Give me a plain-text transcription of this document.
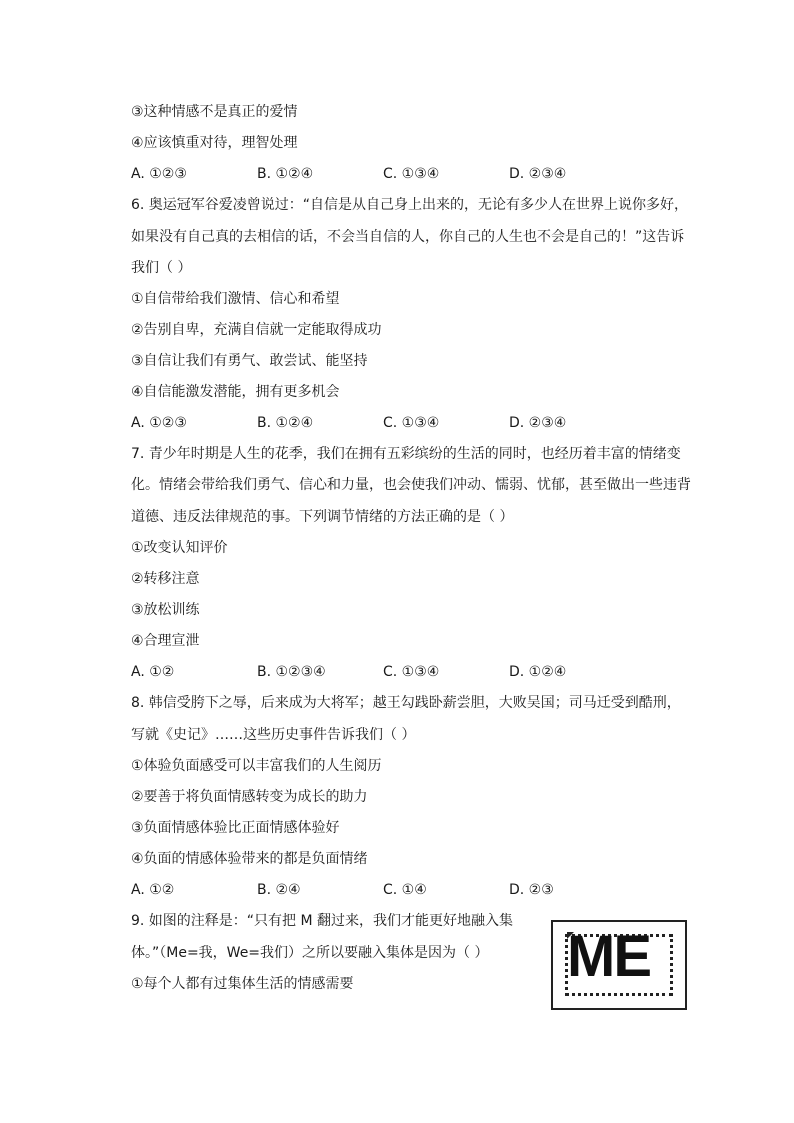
③这种情感不是真正的爱情
④应该慎重对待，理智处理
A. ①②③	B. ①②④	C. ①③④	D. ②③④
6. 奥运冠军谷爱凌曾说过：“自信是从自己身上出来的，无论有多少人在世界上说你多好，
如果没有自己真的去相信的话，不会当自信的人，你自己的人生也不会是自己的！”这告诉
我们（ ）
①自信带给我们激情、信心和希望
②告别自卑，充满自信就一定能取得成功
③自信让我们有勇气、敢尝试、能坚持
④自信能激发潜能，拥有更多机会
A. ①②③	B. ①②④	C. ①③④	D. ②③④
7. 青少年时期是人生的花季，我们在拥有五彩缤纷的生活的同时，也经历着丰富的情绪变
化。情绪会带给我们勇气、信心和力量，也会使我们冲动、懦弱、忧郁，甚至做出一些违背
道德、违反法律规范的事。下列调节情绪的方法正确的是（ ）
①改变认知评价
②转移注意
③放松训练
④合理宣泄
A. ①②	B. ①②③④	C. ①③④	D. ①②④
8. 韩信受胯下之辱，后来成为大将军；越王勾践卧薪尝胆，大败吴国；司马迁受到酷刑，
写就《史记》……这些历史事件告诉我们（ ）
①体验负面感受可以丰富我们的人生阅历
②要善于将负面情感转变为成长的助力
③负面情感体验比正面情感体验好
④负面的情感体验带来的都是负面情绪
A. ①②	B. ②④	C. ①④	D. ②③
9. 如图的注释是：“只有把 M 翻过来，我们才能更好地融入集
体。”（Me=我，We=我们）之所以要融入集体是因为（ ）
①每个人都有过集体生活的情感需要	ME
